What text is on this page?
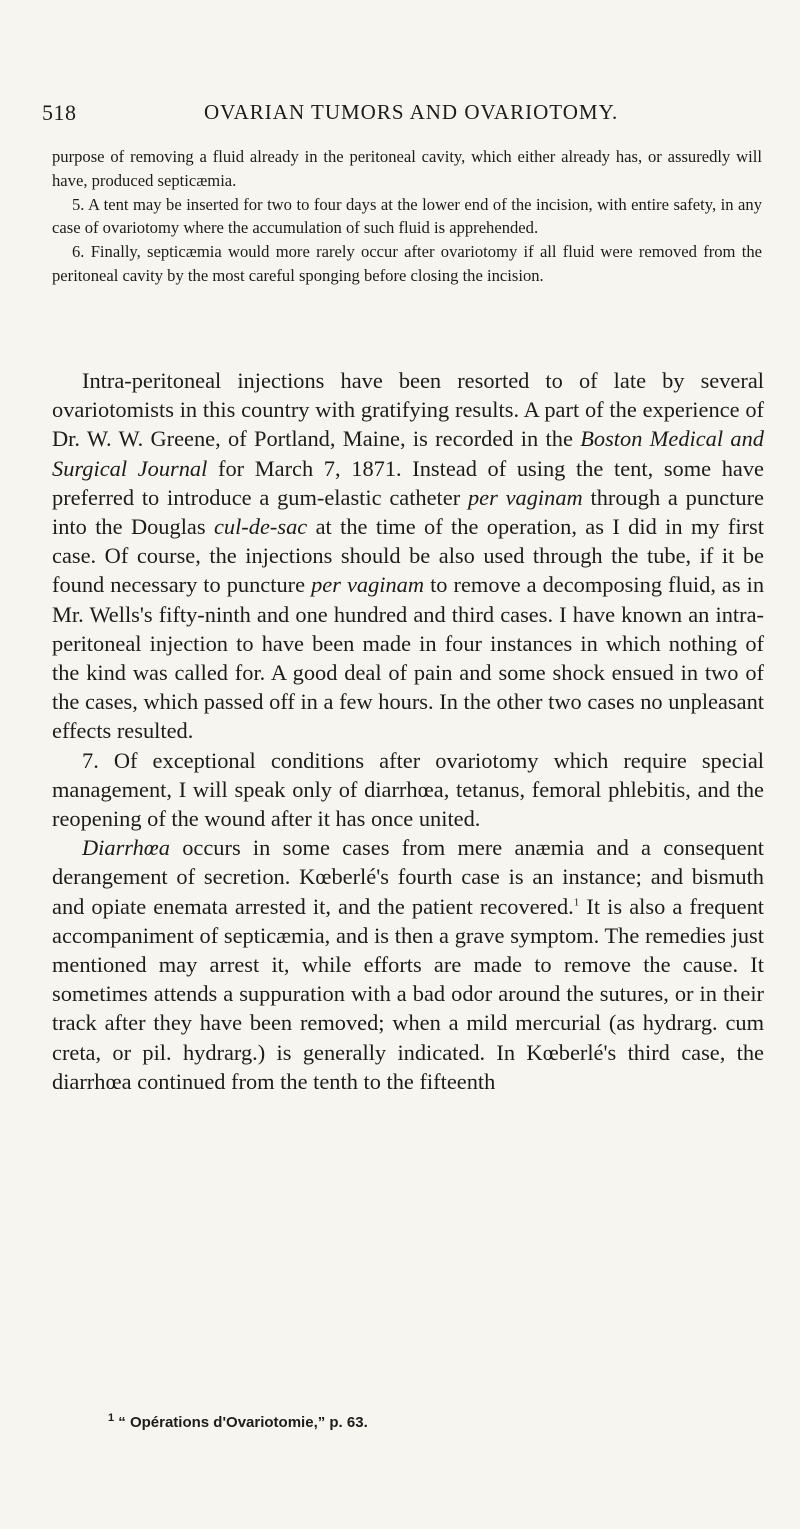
518	OVARIAN TUMORS AND OVARIOTOMY.

purpose of removing a fluid already in the peritoneal cavity, which either already has, or assuredly will have, produced septicæmia.

5. A tent may be inserted for two to four days at the lower end of the incision, with entire safety, in any case of ovariotomy where the accumulation of such fluid is apprehended.

6. Finally, septicæmia would more rarely occur after ovariotomy if all fluid were removed from the peritoneal cavity by the most careful sponging before closing the incision.

Intra-peritoneal injections have been resorted to of late by several ovariotomists in this country with gratifying results. A part of the experience of Dr. W. W. Greene, of Portland, Maine, is recorded in the Boston Medical and Surgical Journal for March 7, 1871. Instead of using the tent, some have preferred to introduce a gum-elastic catheter per vaginam through a puncture into the Douglas cul-de-sac at the time of the operation, as I did in my first case. Of course, the injections should be also used through the tube, if it be found necessary to puncture per vaginam to remove a decomposing fluid, as in Mr. Wells's fifty-ninth and one hundred and third cases. I have known an intra-peritoneal injection to have been made in four instances in which nothing of the kind was called for. A good deal of pain and some shock ensued in two of the cases, which passed off in a few hours. In the other two cases no unpleasant effects resulted.

7. Of exceptional conditions after ovariotomy which require special management, I will speak only of diarrhœa, tetanus, femoral phlebitis, and the reopening of the wound after it has once united.

Diarrhœa occurs in some cases from mere anæmia and a consequent derangement of secretion. Kœberlé's fourth case is an instance; and bismuth and opiate enemata arrested it, and the patient recovered.$^1$ It is also a frequent accompaniment of septicæmia, and is then a grave symptom. The remedies just mentioned may arrest it, while efforts are made to remove the cause. It sometimes attends a suppuration with a bad odor around the sutures, or in their track after they have been removed; when a mild mercurial (as hydrarg. cum creta, or pil. hydrarg.) is generally indicated. In Kœberlé's third case, the diarrhœa continued from the tenth to the fifteenth

$^1$ “ Opérations d'Ovariotomie,” p. 63.
